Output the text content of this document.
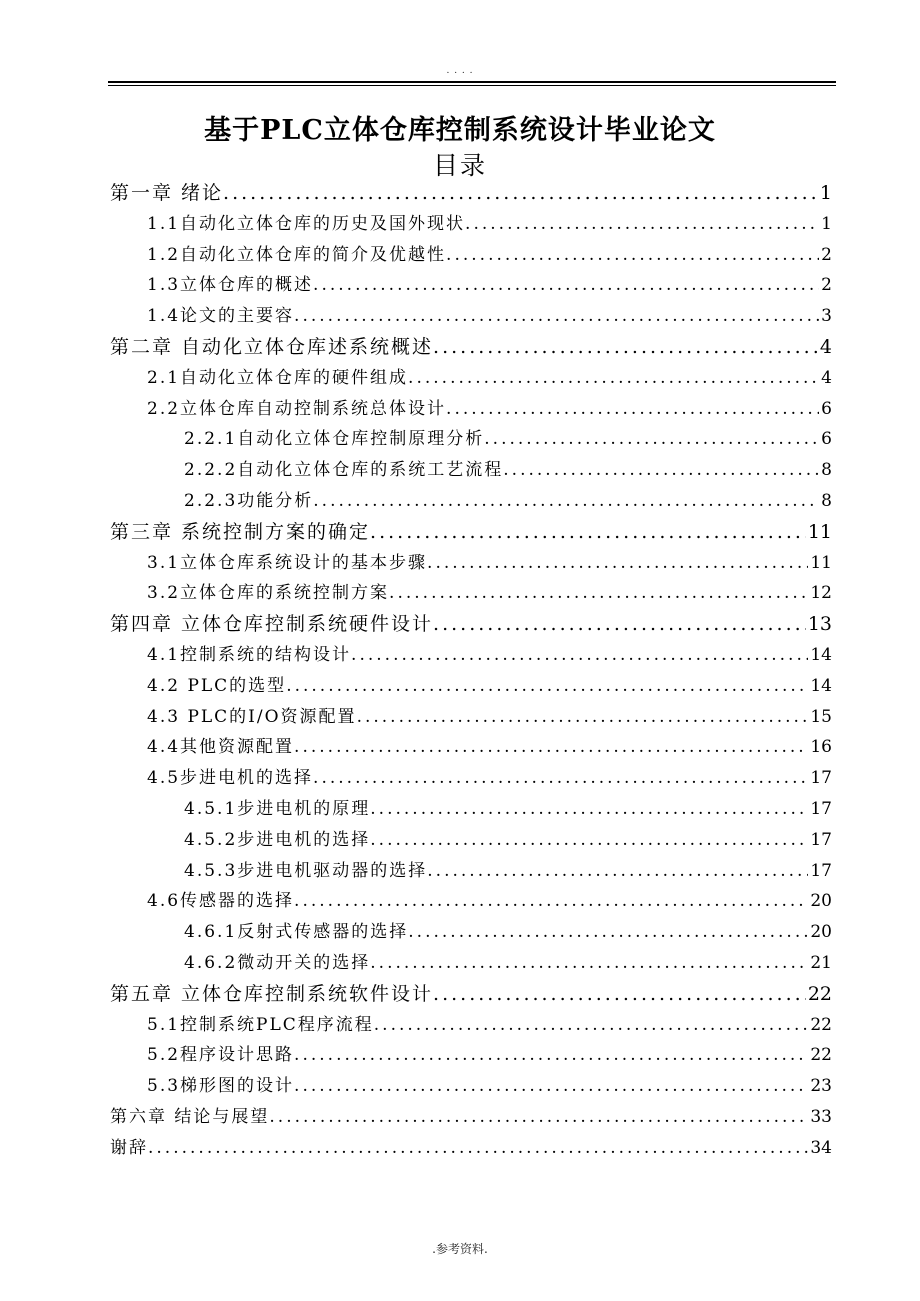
. . . .
基于PLC立体仓库控制系统设计毕业论文
目录
第一章 绪论 .....	1
1.1自动化立体仓库的历史及国外现状 .....	1
1.2自动化立体仓库的简介及优越性 .....	2
1.3立体仓库的概述 .....	2
1.4论文的主要容 .....	3
第二章 自动化立体仓库述系统概述 .....	4
2.1自动化立体仓库的硬件组成 .....	4
2.2立体仓库自动控制系统总体设计 .....	6
2.2.1自动化立体仓库控制原理分析 .....	6
2.2.2自动化立体仓库的系统工艺流程 .....	8
2.2.3功能分析 .....	8
第三章 系统控制方案的确定 .....	11
3.1立体仓库系统设计的基本步骤 .....	11
3.2立体仓库的系统控制方案 .....	12
第四章 立体仓库控制系统硬件设计 .....	13
4.1控制系统的结构设计 .....	14
4.2 PLC的选型 .....	14
4.3 PLC的I/O资源配置 .....	15
4.4其他资源配置 .....	16
4.5步进电机的选择 .....	17
4.5.1步进电机的原理 .....	17
4.5.2步进电机的选择 .....	17
4.5.3步进电机驱动器的选择 .....	17
4.6传感器的选择 .....	20
4.6.1反射式传感器的选择 .....	20
4.6.2微动开关的选择 .....	21
第五章 立体仓库控制系统软件设计 .....	22
5.1控制系统PLC程序流程 .....	22
5.2程序设计思路 .....	22
5.3梯形图的设计 .....	23
第六章 结论与展望 .....	33
谢辞 .....	34
.参考资料.
